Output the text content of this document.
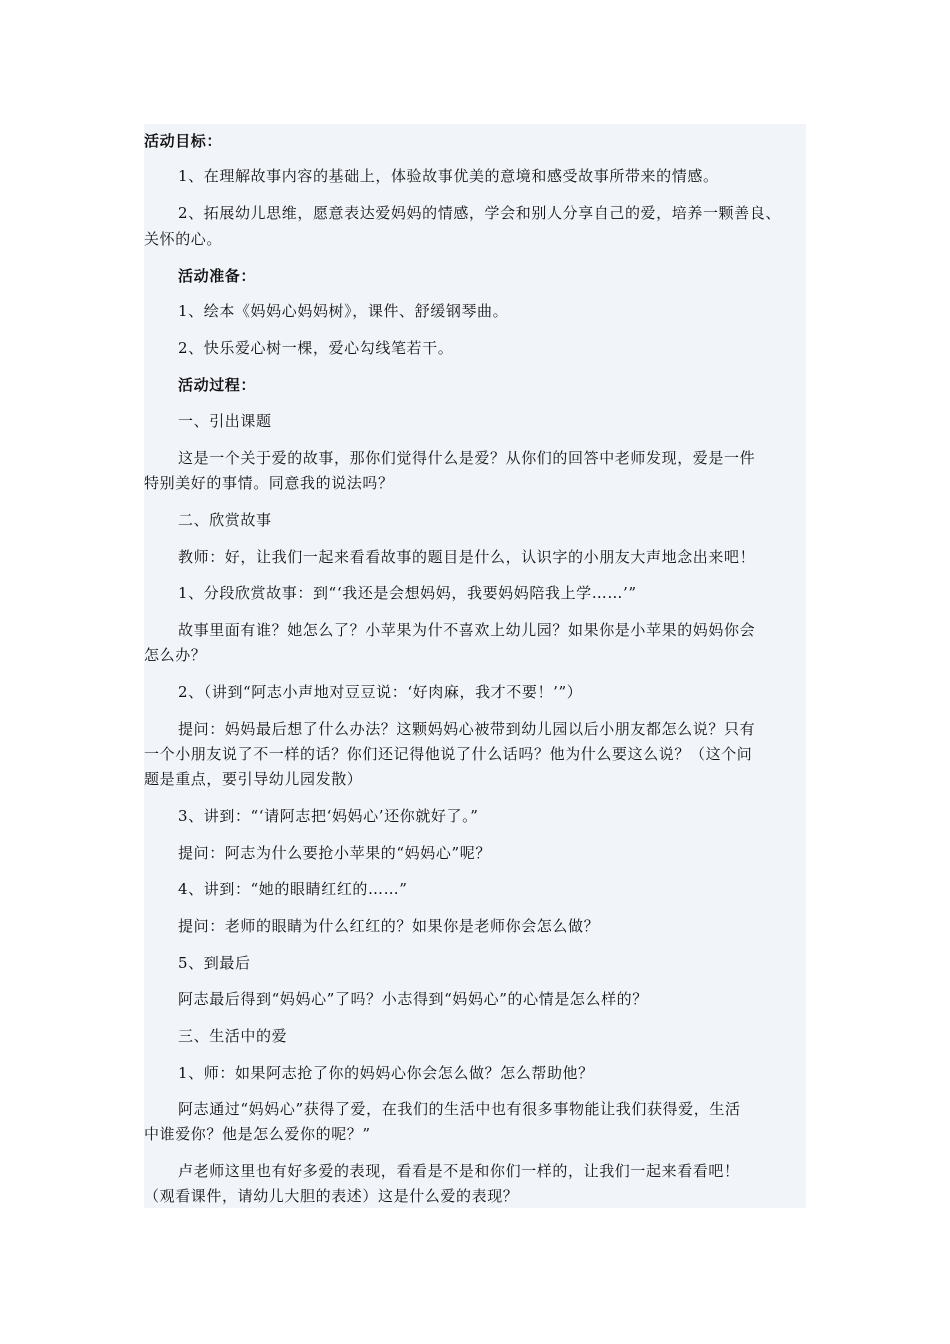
活动目标：
1、在理解故事内容的基础上，体验故事优美的意境和感受故事所带来的情感。
2、拓展幼儿思维，愿意表达爱妈妈的情感，学会和别人分享自己的爱，培养一颗善良、
关怀的心。
活动准备：
1、绘本《妈妈心妈妈树》，课件、舒缓钢琴曲。
2、快乐爱心树一棵，爱心勾线笔若干。
活动过程：
一、引出课题
这是一个关于爱的故事，那你们觉得什么是爱？从你们的回答中老师发现，爱是一件
特别美好的事情。同意我的说法吗？
二、欣赏故事
教师：好，让我们一起来看看故事的题目是什么，认识字的小朋友大声地念出来吧！
1、分段欣赏故事：到“‘我还是会想妈妈，我要妈妈陪我上学……’”
故事里面有谁？她怎么了？小苹果为什不喜欢上幼儿园？如果你是小苹果的妈妈你会
怎么办？
2、（讲到“阿志小声地对豆豆说：‘好肉麻，我才不要！’”）
提问：妈妈最后想了什么办法？这颗妈妈心被带到幼儿园以后小朋友都怎么说？只有
一个小朋友说了不一样的话？你们还记得他说了什么话吗？他为什么要这么说？（这个问
题是重点，要引导幼儿园发散）
3、讲到：“‘请阿志把‘妈妈心’还你就好了。”
提问：阿志为什么要抢小苹果的“妈妈心”呢？
4、讲到：“她的眼睛红红的……”
提问：老师的眼睛为什么红红的？如果你是老师你会怎么做？
5、到最后
阿志最后得到“妈妈心”了吗？小志得到“妈妈心”的心情是怎么样的？
三、生活中的爱
1、师：如果阿志抢了你的妈妈心你会怎么做？怎么帮助他？
阿志通过“妈妈心”获得了爱，在我们的生活中也有很多事物能让我们获得爱，生活
中谁爱你？他是怎么爱你的呢？”
卢老师这里也有好多爱的表现，看看是不是和你们一样的，让我们一起来看看吧！
（观看课件，请幼儿大胆的表述）这是什么爱的表现？
